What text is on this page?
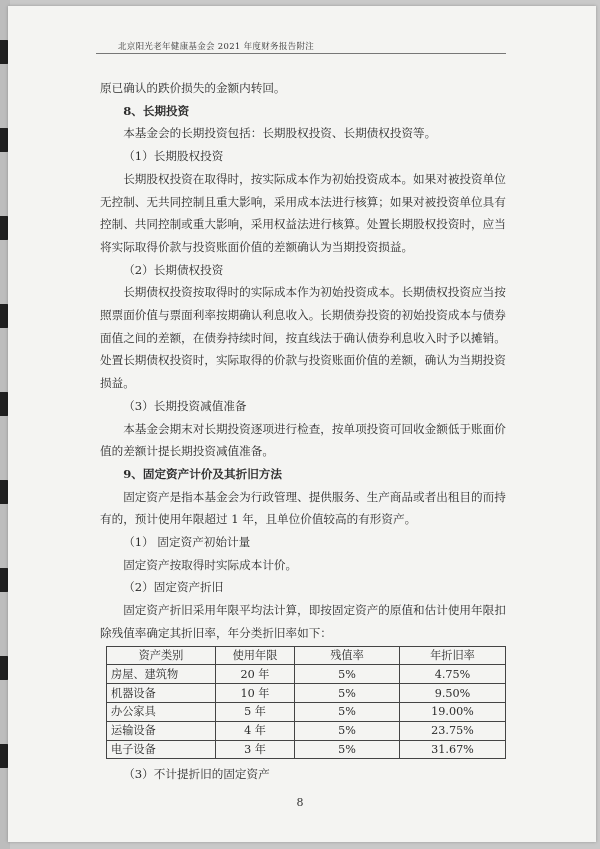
北京阳光老年健康基金会 2021 年度财务报告附注

原已确认的跌价损失的金额内转回。

8、长期投资

本基金会的长期投资包括：长期股权投资、长期债权投资等。

（1）长期股权投资

长期股权投资在取得时，按实际成本作为初始投资成本。如果对被投资单位无控制、无共同控制且重大影响，采用成本法进行核算；如果对被投资单位具有控制、共同控制或重大影响，采用权益法进行核算。处置长期股权投资时，应当将实际取得价款与投资账面价值的差额确认为当期投资损益。

（2）长期债权投资

长期债权投资按取得时的实际成本作为初始投资成本。长期债权投资应当按照票面价值与票面利率按期确认利息收入。长期债券投资的初始投资成本与债券面值之间的差额，在债券持续时间，按直线法于确认债券利息收入时予以摊销。处置长期债权投资时，实际取得的价款与投资账面价值的差额，确认为当期投资损益。

（3）长期投资减值准备

本基金会期末对长期投资逐项进行检查，按单项投资可回收金额低于账面价值的差额计提长期投资减值准备。

9、固定资产计价及其折旧方法

固定资产是指本基金会为行政管理、提供服务、生产商品或者出租目的而持有的，预计使用年限超过 1 年，且单位价值较高的有形资产。

（1） 固定资产初始计量

固定资产按取得时实际成本计价。

（2）固定资产折旧

固定资产折旧采用年限平均法计算，即按固定资产的原值和估计使用年限扣除残值率确定其折旧率，年分类折旧率如下：

资产类别	使用年限	残值率	年折旧率
房屋、建筑物	20 年	5%	4.75%
机器设备	10 年	5%	9.50%
办公家具	5 年	5%	19.00%
运输设备	4 年	5%	23.75%
电子设备	3 年	5%	31.67%

（3）不计提折旧的固定资产

8
